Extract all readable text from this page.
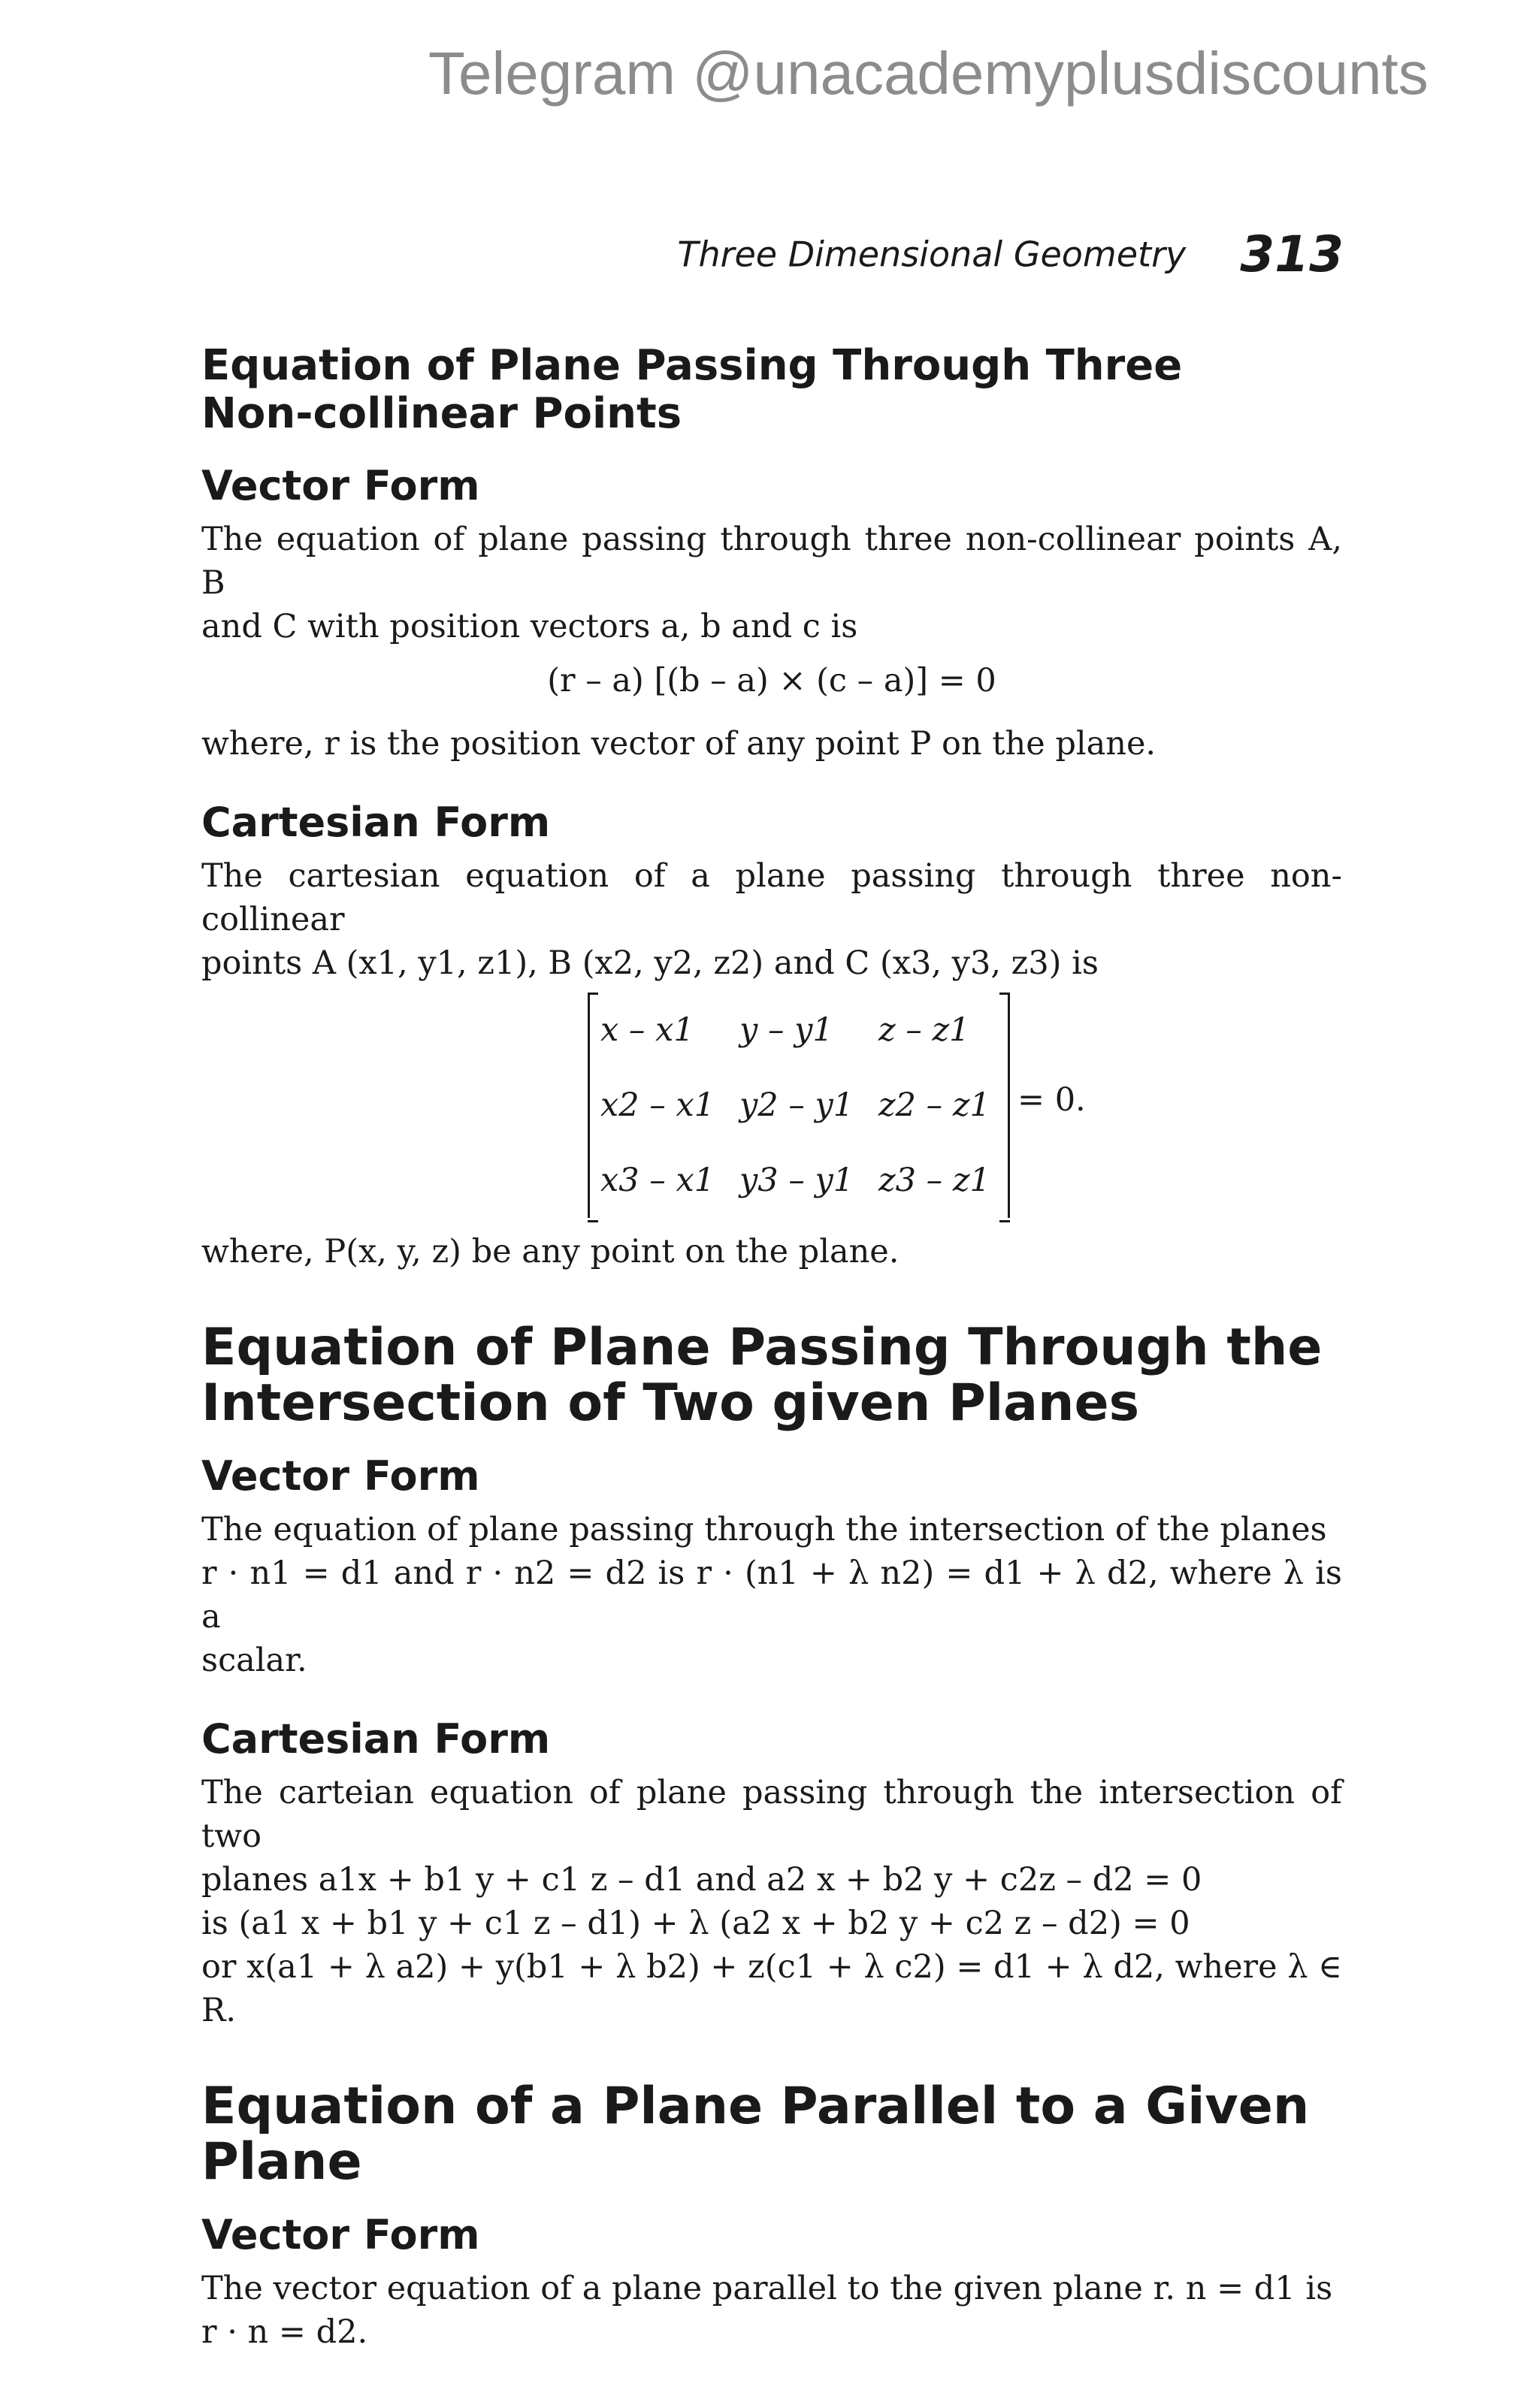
Telegram @unacademyplusdiscounts
Three Dimensional Geometry 313
Equation of Plane Passing Through Three
Non-collinear Points
Vector Form

The equation of plane passing through three non-collinear points A, B

and C with position vectors a, b and c is

(r – a) [(b – a) × (c – a)] = 0

where, r is the position vector of any point P on the plane.

Cartesian Form

The cartesian equation of a plane passing through three non-collinear

points A (x1, y1, z1), B (x2, y2, z2) and C (x3, y3, z3) is

x – x1	y – y1	z – z1
x2 – x1 y2 – y1 z2 – z1
x3 – x1 y3 – y1 z3 – z1
= 0.

where, P(x, y, z) be any point on the plane.

Equation of Plane Passing Through the
Intersection of Two given Planes
Vector Form

The equation of plane passing through the intersection of the planes

r · n1 = d1 and r · n2 = d2 is r · (n1 + λ n2) = d1 + λ d2, where λ is a

scalar.

Cartesian Form

The carteian equation of plane passing through the intersection of two

planes a1x + b1 y + c1 z – d1 and a2 x + b2 y + c2z – d2 = 0

is (a1 x + b1 y + c1 z – d1) + λ (a2 x + b2 y + c2 z – d2) = 0

or x(a1 + λ a2) + y(b1 + λ b2) + z(c1 + λ c2) = d1 + λ d2, where λ ∈ R.

Equation of a Plane Parallel to a Given Plane
Vector Form

The vector equation of a plane parallel to the given plane r. n = d1 is

r · n = d2.
